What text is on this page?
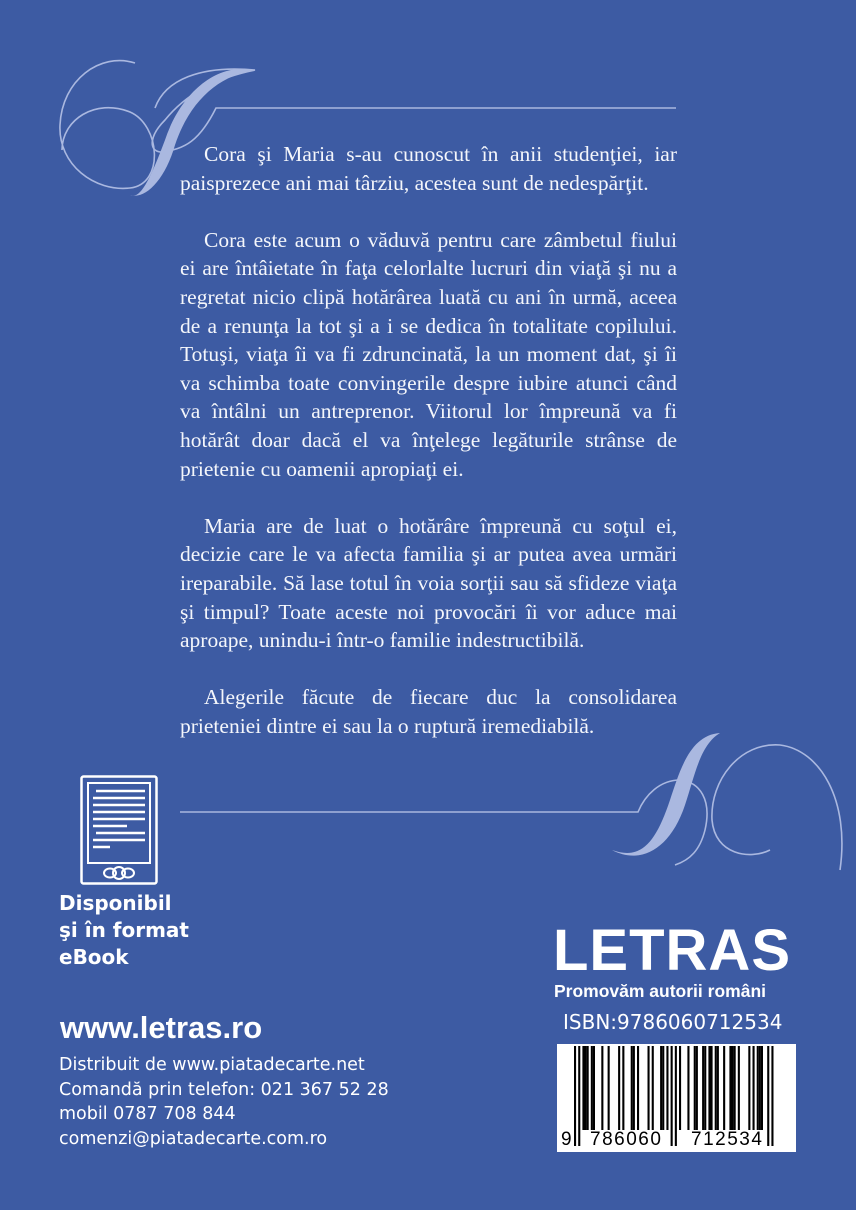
Cora şi Maria s-au cunoscut în anii studenţiei, iar paisprezece ani mai târziu, acestea sunt de nedespărţit.

Cora este acum o văduvă pentru care zâmbetul fiului ei are întâietate în faţa celorlalte lucruri din viaţă şi nu a regretat nicio clipă hotărârea luată cu ani în urmă, aceea de a renunţa la tot şi a i se dedica în totalitate copilului. Totuşi, viaţa îi va fi zdruncinată, la un moment dat, şi îi va schimba toate convingerile despre iubire atunci când va întâlni un antreprenor. Viitorul lor împreună va fi hotărât doar dacă el va înţelege legăturile strânse de prietenie cu oamenii apropiaţi ei.

Maria are de luat o hotărâre împreună cu soţul ei, decizie care le va afecta familia şi ar putea avea urmări ireparabile. Să lase totul în voia sorţii sau să sfideze viaţa şi timpul? Toate aceste noi provocări îi vor aduce mai aproape, unindu-i într-o familie indestructibilă.

Alegerile făcute de fiecare duc la consolidarea prieteniei dintre ei sau la o ruptură iremediabilă.

Disponibil
şi în format
eBook
www.letras.ro
Distribuit de www.piatadecarte.net
Comandă prin telefon: 021 367 52 28
mobil 0787 708 844
comenzi@piatadecarte.com.ro
LETRAS
Promovăm autorii români
ISBN:9786060712534
9 786060 712534
